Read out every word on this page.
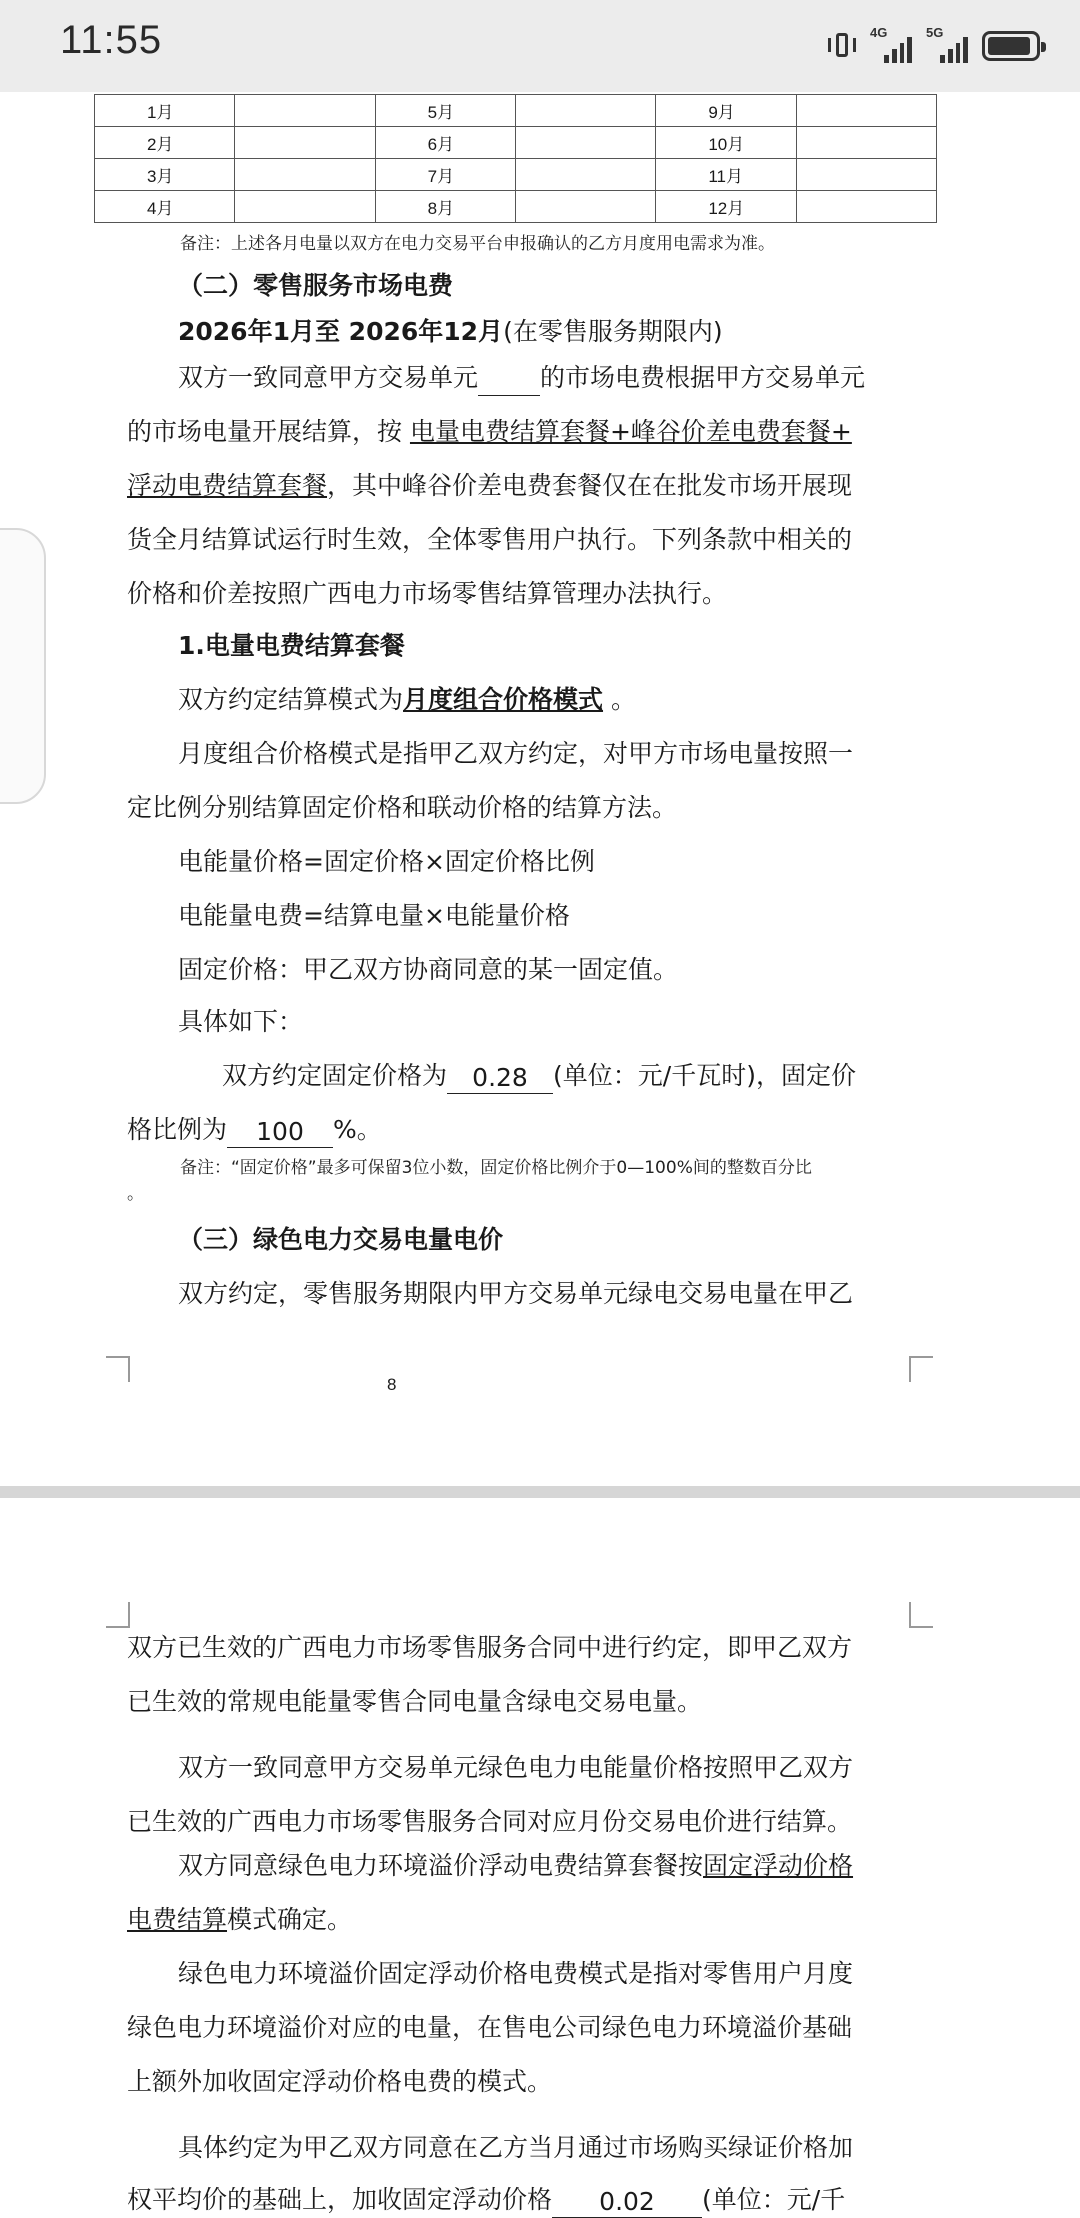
11:55	4G	5G
1月		5月		9月	
2月		6月		10月	
3月		7月		11月	
4月		8月		12月	
备注：上述各月电量以双方在电力交易平台申报确认的乙方月度用电需求为准。
（二）零售服务市场电费
2026年1月至 2026年12月(在零售服务期限内)
双方一致同意甲方交易单元 的市场电费根据甲方交易单元
的市场电量开展结算，按 电量电费结算套餐+峰谷价差电费套餐+
浮动电费结算套餐，其中峰谷价差电费套餐仅在在批发市场开展现
货全月结算试运行时生效，全体零售用户执行。下列条款中相关的
价格和价差按照广西电力市场零售结算管理办法执行。
1.电量电费结算套餐
双方约定结算模式为月度组合价格模式 。
月度组合价格模式是指甲乙双方约定，对甲方市场电量按照一
定比例分别结算固定价格和联动价格的结算方法。
电能量价格=固定价格×固定价格比例
电能量电费=结算电量×电能量价格
固定价格：甲乙双方协商同意的某一固定值。
具体如下：
双方约定固定价格为 0.28 (单位：元/千瓦时)，固定价
格比例为 100 %。
备注：“固定价格”最多可保留3位小数，固定价格比例介于0—100%间的整数百分比
。
（三）绿色电力交易电量电价
双方约定，零售服务期限内甲方交易单元绿电交易电量在甲乙
8
双方已生效的广西电力市场零售服务合同中进行约定，即甲乙双方
已生效的常规电能量零售合同电量含绿电交易电量。
双方一致同意甲方交易单元绿色电力电能量价格按照甲乙双方
已生效的广西电力市场零售服务合同对应月份交易电价进行结算。
双方同意绿色电力环境溢价浮动电费结算套餐按固定浮动价格
电费结算模式确定。
绿色电力环境溢价固定浮动价格电费模式是指对零售用户月度
绿色电力环境溢价对应的电量，在售电公司绿色电力环境溢价基础
上额外加收固定浮动价格电费的模式。
具体约定为甲乙双方同意在乙方当月通过市场购买绿证价格加
权平均价的基础上，加收固定浮动价格 0.02 (单位：元/千
